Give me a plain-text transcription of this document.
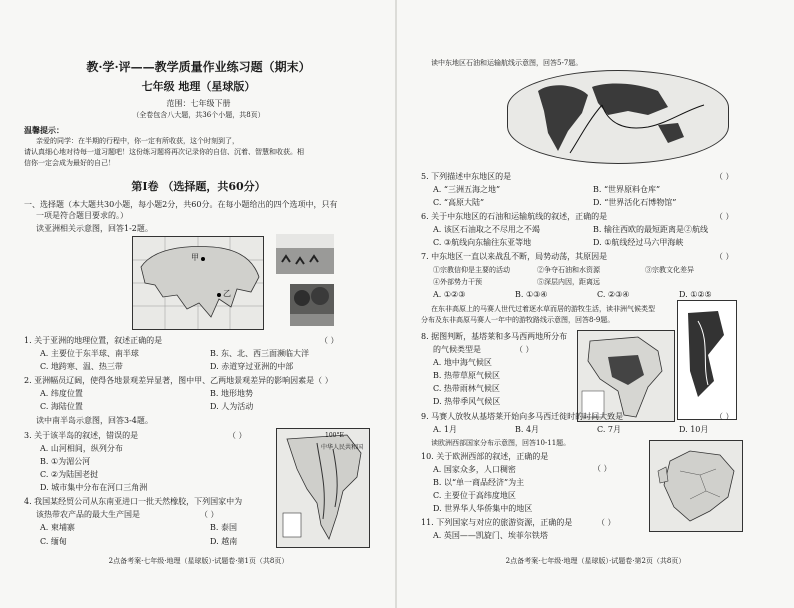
教·学·评——教学质量作业练习题（期末）
七年级 地理（星球版）
范围：七年级下册
（全卷包含八大题，共36个小题，共8页）
温馨提示：
亲爱的同学：在半期的行程中，你一定有所收获，这个时刻到了，
请认真细心地对待每一道习题吧！这份练习题将再次记录你的自信、沉着、智慧和收获。相
信你一定会成为最好的自己！
第Ⅰ卷 （选择题，共60分）
一、选择题（本大题共30小题，每小题2分，共60分。在每小题给出的四个选项中，只有
一项是符合题目要求的。）
读亚洲相关示意图，回答1-2题。
甲
乙
1. 关于亚洲的地理位置，叙述正确的是	（ ）
A. 主要位于东半球、南半球	B. 东、北、西三面濒临大洋
C. 地跨寒、温、热三带	D. 赤道穿过亚洲的中部
2. 亚洲幅员辽阔，使得各地景观差异显著，图中甲、乙两地景观差异的影响因素是（ ）
A. 纬度位置	B. 地形地势
C. 海陆位置	D. 人为活动
读中南半岛示意图，回答3-4题。
3. 关于该半岛的叙述，错误的是	（ ）
A. 山河相间，纵列分布
B. ①为湄公河
C. ②为陆国老挝
D. 城市集中分布在河口三角洲
100°E
中华人民共和国
4. 我国某经贸公司从东南亚进口一批天然橡胶，下列国家中为
该热带农产品的最大生产国是	（ ）
A. 柬埔寨	B. 泰国
C. 缅甸	D. 越南
2点备考案·七年级·地理（星球版）·试题卷·第1页（共8页）
读中东地区石油和运输航线示意图，回答5-7题。
5. 下列描述中东地区的是	（ ）
A. “三洲五海之地”	B. “世界原料仓库”
C. “高原大陆”	D. “世界活化石博物馆”
6. 关于中东地区的石油和运输航线的叙述，正确的是	（ ）
A. 该区石油取之不尽用之不竭	B. 输往西欧的最短距离是②航线
C. ③航线向东输往东亚等地	D. ①航线经过马六甲海峡
7. 中东地区一直以来战乱不断，局势动荡，其原因是	（ ）
①宗教信仰是主要的活动	②争夺石油和水资源	③宗教文化差异
④外部势力干预	⑤深层内因，距离远
A. ①②③	B. ①③④	C. ②③④	D. ①②⑤
在东非高原上的马赛人世代过着逐水草而居的游牧生活，读非洲气候类型
分布及东非高原马赛人一年中的游牧路线示意图，回答8-9题。
8. 据图判断，基塔莱和多马西两地所分布
的气候类型是	（ ）
A. 地中海气候区
B. 热带草原气候区
C. 热带雨林气候区
D. 热带季风气候区
9. 马赛人放牧从基塔莱开始向多马西迁徙时的时间大致是	（ ）
A. 1月	B. 4月	C. 7月	D. 10月
读欧洲西部国家分布示意图，回答10-11题。
10. 关于欧洲西部的叙述，正确的是
（ ）
A. 国家众多，人口稠密
B. 以“单一商品经济”为主
C. 主要位于高纬度地区
D. 世界华人华侨集中的地区
11. 下列国家与对应的旅游资源，正确的是	（ ）
A. 英国——凯旋门、埃菲尔铁塔
2点备考案·七年级·地理（星球版）·试题卷·第2页（共8页）
